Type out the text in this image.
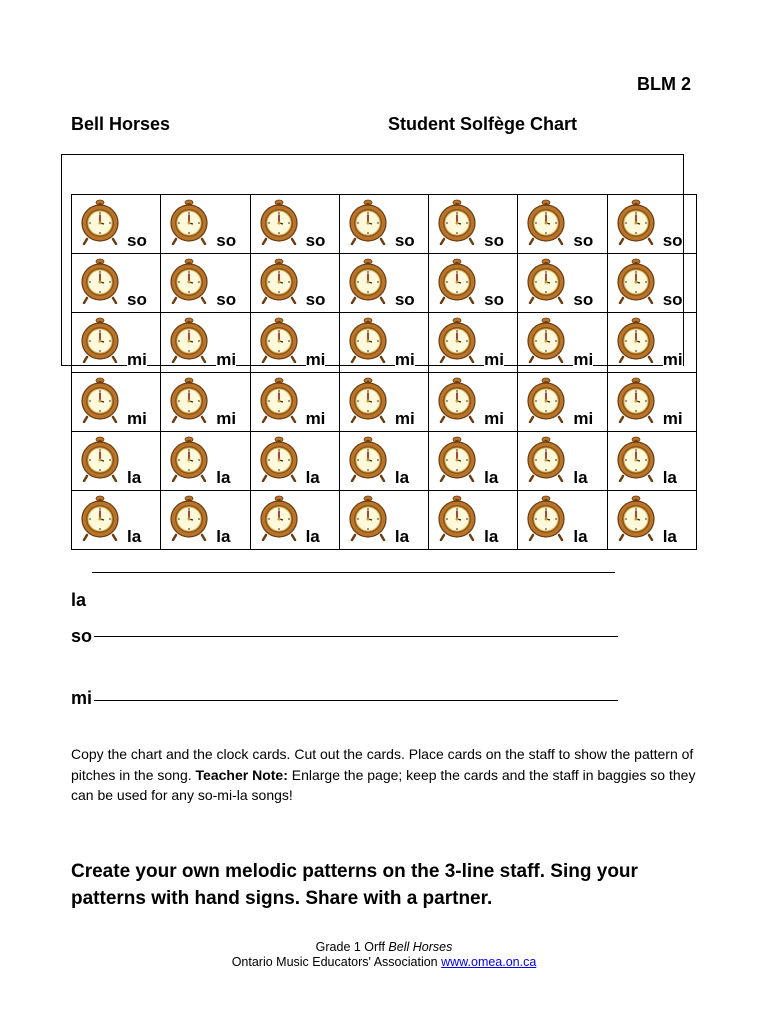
BLM 2
Bell Horses	Student Solfège Chart
so	so	so	so	so	so	so
so	so	so	so	so	so	so
mi	mi	mi	mi	mi	mi	mi
mi	mi	mi	mi	mi	mi	mi
la	la	la	la	la	la	la
la	la	la	la	la	la	la
la
so
mi
Copy the chart and the clock cards. Cut out the cards. Place cards on the staff to show the pattern of pitches in the song. Teacher Note: Enlarge the page; keep the cards and the staff in baggies so they can be used for any so-mi-la songs!
Create your own melodic patterns on the 3-line staff. Sing your patterns with hand signs. Share with a partner.
Grade 1 Orff Bell Horses
Ontario Music Educators' Association www.omea.on.ca
